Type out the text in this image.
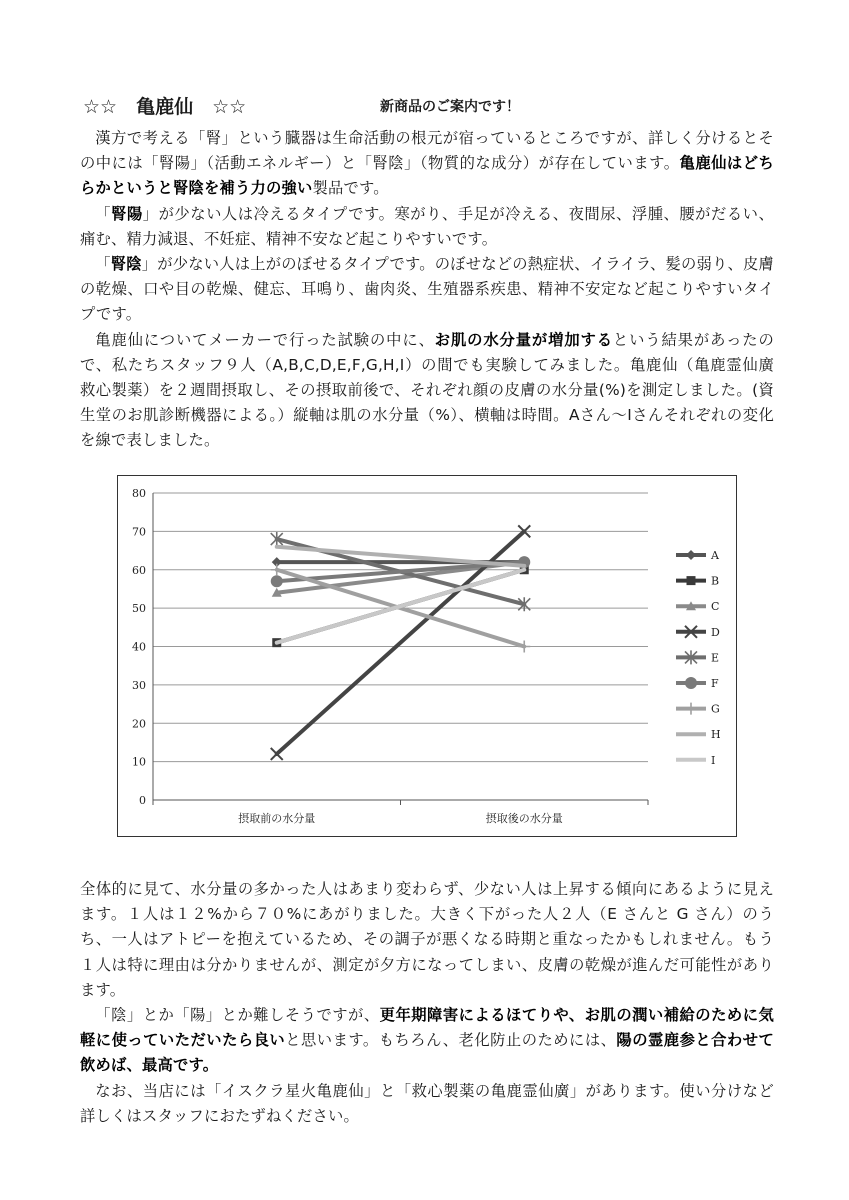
☆☆　亀鹿仙　☆☆	新商品のご案内です！

漢方で考える「腎」という臓器は生命活動の根元が宿っているところですが、詳しく分けるとその中には「腎陽」（活動エネルギー）と「腎陰」（物質的な成分）が存在しています。亀鹿仙はどちらかというと腎陰を補う力の強い製品です。

「腎陽」が少ない人は冷えるタイプです。寒がり、手足が冷える、夜間尿、浮腫、腰がだるい、痛む、精力減退、不妊症、精神不安など起こりやすいです。

「腎陰」が少ない人は上がのぼせるタイプです。のぼせなどの熱症状、イライラ、髪の弱り、皮膚の乾燥、口や目の乾燥、健忘、耳鳴り、歯肉炎、生殖器系疾患、精神不安定など起こりやすいタイプです。

亀鹿仙についてメーカーで行った試験の中に、お肌の水分量が増加するという結果があったので、私たちスタッフ９人（A,B,C,D,E,F,G,H,I）の間でも実験してみました。亀鹿仙（亀鹿霊仙廣　救心製薬）を２週間摂取し、その摂取前後で、それぞれ顔の皮膚の水分量(%)を測定しました。(資生堂のお肌診断機器による。）縦軸は肌の水分量（%）、横軸は時間。Aさん～Iさんそれぞれの変化を線で表しました。

0
10
20
30
40
50
60
70
80
摂取前の水分量	摂取後の水分量
A
B
C
D
E
F
G
H
I

全体的に見て、水分量の多かった人はあまり変わらず、少ない人は上昇する傾向にあるように見えます。１人は１２%から７０%にあがりました。大きく下がった人２人（E さんと G さん）のうち、一人はアトピーを抱えているため、その調子が悪くなる時期と重なったかもしれません。もう１人は特に理由は分かりませんが、測定が夕方になってしまい、皮膚の乾燥が進んだ可能性があります。

「陰」とか「陽」とか難しそうですが、更年期障害によるほてりや、お肌の潤い補給のために気軽に使っていただいたら良いと思います。もちろん、老化防止のためには、陽の霊鹿参と合わせて飲めば、最高です。

なお、当店には「イスクラ星火亀鹿仙」と「救心製薬の亀鹿霊仙廣」があります。使い分けなど詳しくはスタッフにおたずねください。
